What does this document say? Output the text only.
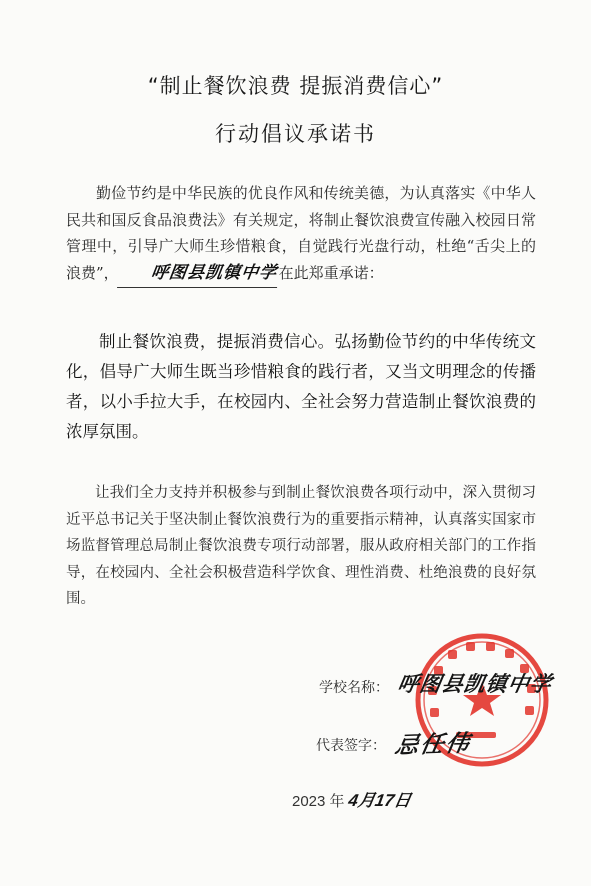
“制止餐饮浪费 提振消费信心”
行动倡议承诺书
勤俭节约是中华民族的优良作风和传统美德，为认真落实《中华人民共和国反食品浪费法》有关规定，将制止餐饮浪费宣传融入校园日常管理中，引导广大师生珍惜粮食，自觉践行光盘行动，杜绝“舌尖上的浪费”， 呼图县凯镇中学在此郑重承诺：
制止餐饮浪费，提振消费信心。弘扬勤俭节约的中华传统文化，倡导广大师生既当珍惜粮食的践行者，又当文明理念的传播者，以小手拉大手，在校园内、全社会努力营造制止餐饮浪费的浓厚氛围。
让我们全力支持并积极参与到制止餐饮浪费各项行动中，深入贯彻习近平总书记关于坚决制止餐饮浪费行为的重要指示精神，认真落实国家市场监督管理总局制止餐饮浪费专项行动部署，服从政府相关部门的工作指导，在校园内、全社会积极营造科学饮食、理性消费、杜绝浪费的良好氛围。
学校名称： 呼图县凯镇中学
代表签字： 忌任伟
2023 年 4月17日
